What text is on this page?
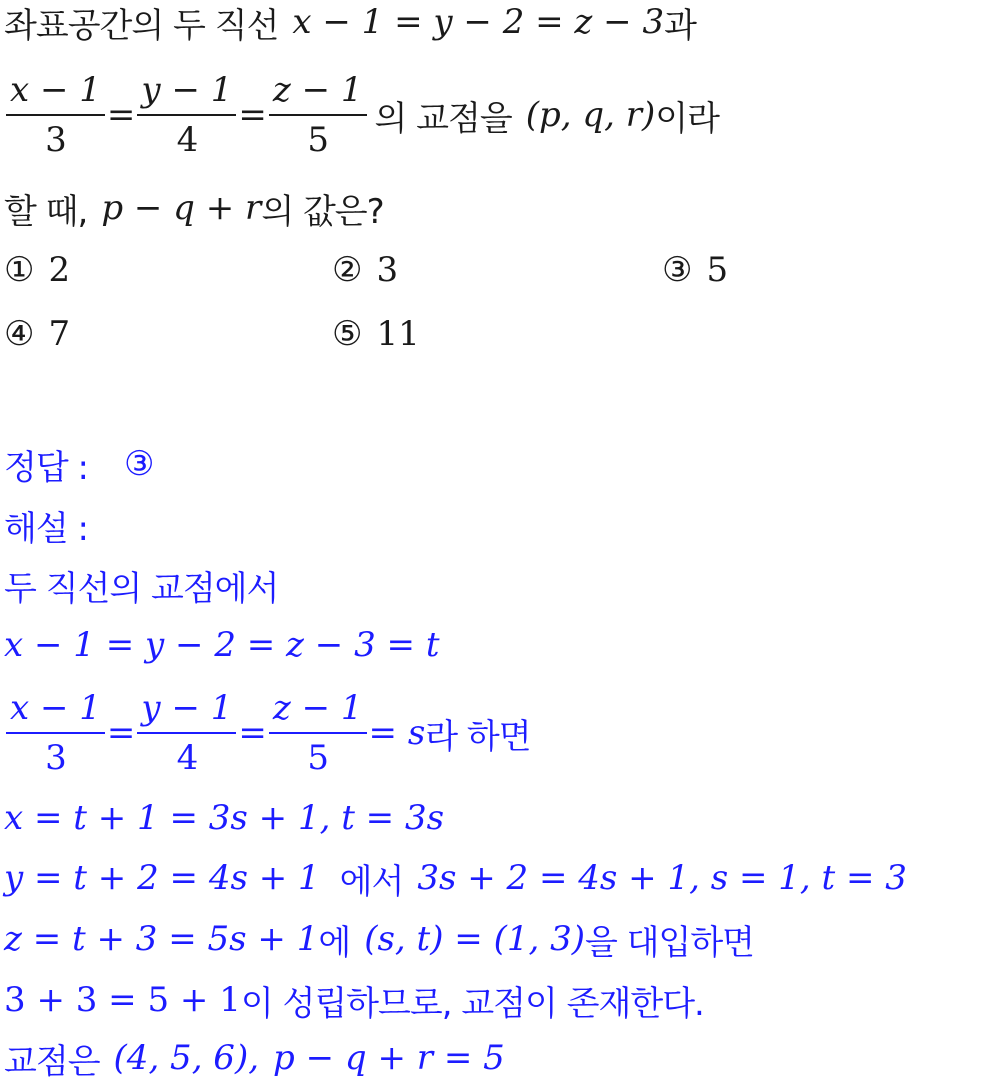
좌표공간의 두 직선 x − 1 = y − 2 = z − 3 과
$\frac{x - 1}{3} = \frac{y - 1}{4} = \frac{z - 1}{5}$ 의 교점을 (p, q, r) 이라
할 때, p − q + r 의 값은?
① 2	② 3	③ 5
④ 7	⑤ 11
정답 : ③
해설 :
두 직선의 교점에서
x − 1 = y − 2 = z − 3 = t
$\frac{x - 1}{3} = \frac{y - 1}{4} = \frac{z - 1}{5} = s$ 라 하면
x = t + 1 = 3s + 1, t = 3s
y = t + 2 = 4s + 1 에서 3s + 2 = 4s + 1, s = 1, t = 3
z = t + 3 = 5s + 1 에 (s, t) = (1, 3) 을 대입하면
3 + 3 = 5 + 1 이 성립하므로, 교점이 존재한다.
교점은 (4, 5, 6), p − q + r = 5
